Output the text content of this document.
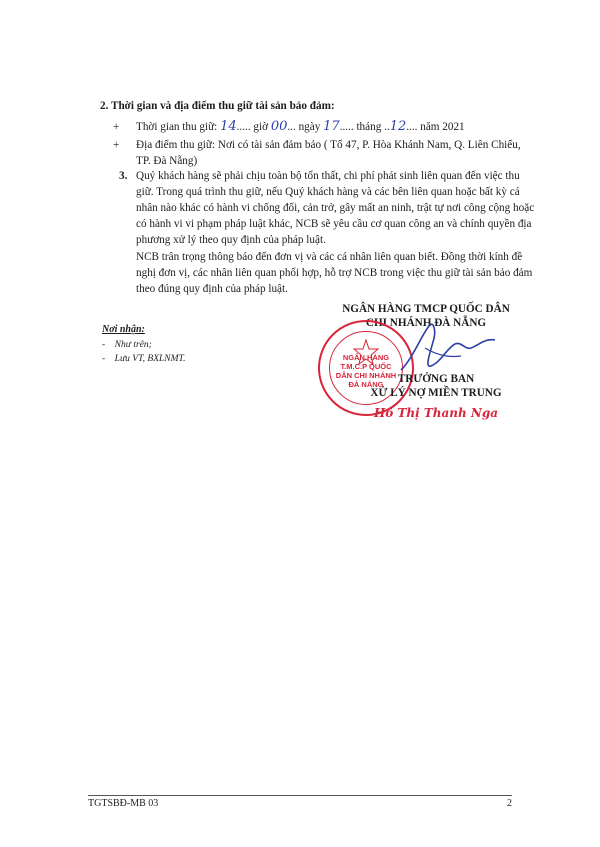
2. Thời gian và địa điểm thu giữ tài sản bảo đảm:
+ Thời gian thu giữ: 14..... giờ 00... ngày 17..... tháng ..12.... năm 2021
+ Địa điểm thu giữ: Nơi có tài sản đảm bảo ( Tổ 47, P. Hòa Khánh Nam, Q. Liên Chiểu,
TP. Đà Nẵng)
3. Quý khách hàng sẽ phải chịu toàn bộ tổn thất, chi phí phát sinh liên quan đến việc thu
giữ. Trong quá trình thu giữ, nếu Quý khách hàng và các bên liên quan hoặc bất kỳ cá
nhân nào khác có hành vi chống đối, cản trở, gây mất an ninh, trật tự nơi công cộng hoặc
có hành vi vi phạm pháp luật khác, NCB sẽ yêu cầu cơ quan công an và chính quyền địa
phương xử lý theo quy định của pháp luật.
NCB trân trọng thông báo đến đơn vị và các cá nhân liên quan biết. Đồng thời kính đề
nghị đơn vị, các nhân liên quan phối hợp, hỗ trợ NCB trong việc thu giữ tài sản bảo đảm
theo đúng quy định của pháp luật.
NGÂN HÀNG TMCP QUỐC DÂN
CHI NHÁNH ĐÀ NẴNG
NGÂN HÀNG T.M.C.P QUỐC DÂN CHI NHÁNH ĐÀ NẴNG	TRƯỞNG BAN
XỬ LÝ NỢ MIỀN TRUNG
Hồ Thị Thanh Nga
Nơi nhận:
- Như trên;
- Lưu VT, BXLNMT.
TGTSBĐ-MB 03	2
